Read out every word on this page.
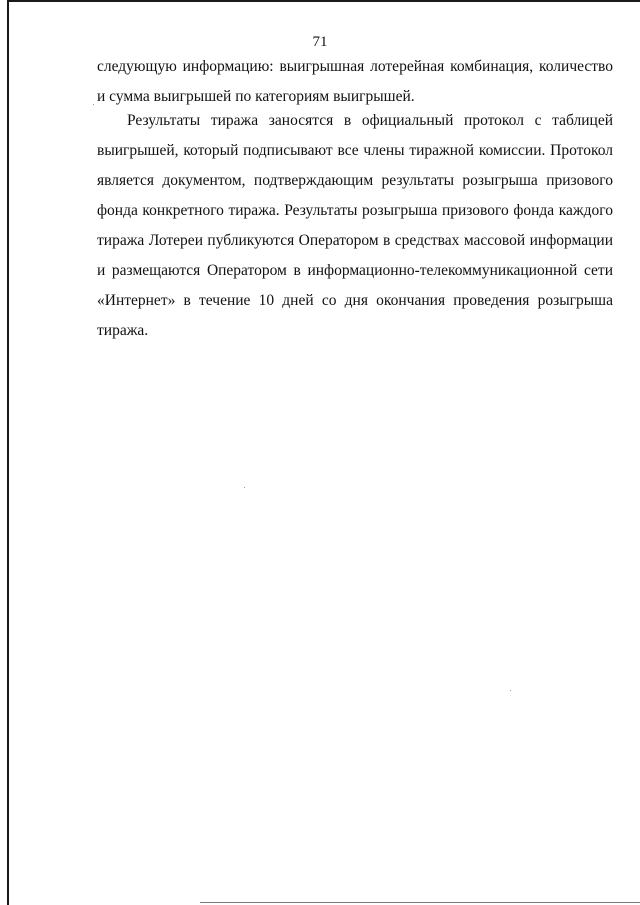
71
следующую информацию: выигрышная лотерейная комбинация, количество и сумма выигрышей по категориям выигрышей.
Результаты тиража заносятся в официальный протокол с таблицей выигрышей, который подписывают все члены тиражной комиссии. Протокол является документом, подтверждающим результаты розыгрыша призового фонда конкретного тиража. Результаты розыгрыша призового фонда каждого тиража Лотереи публикуются Оператором в средствах массовой информации и размещаются Оператором в информационно-телекоммуникационной сети «Интернет» в течение 10 дней со дня окончания проведения розыгрыша тиража.
